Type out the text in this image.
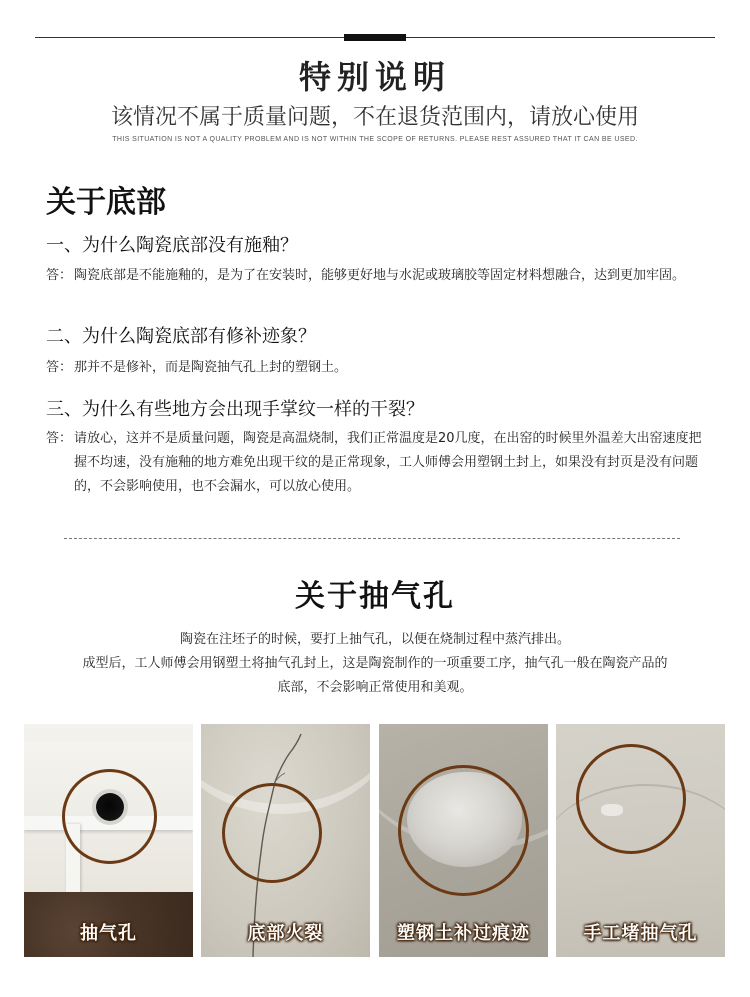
特别说明
该情况不属于质量问题，不在退货范围内，请放心使用
THIS SITUATION IS NOT A QUALITY PROBLEM AND IS NOT WITHIN THE SCOPE OF RETURNS. PLEASE REST ASSURED THAT IT CAN BE USED.
关于底部
一、为什么陶瓷底部没有施釉？
答： 陶瓷底部是不能施釉的，是为了在安装时，能够更好地与水泥或玻璃胶等固定材料想融合，达到更加牢固。
二、为什么陶瓷底部有修补迹象？
答： 那并不是修补，而是陶瓷抽气孔上封的塑钢土。
三、为什么有些地方会出现手掌纹一样的干裂？
答： 请放心，这并不是质量问题，陶瓷是高温烧制，我们正常温度是20几度，在出窑的时候里外温差大出窑速度把握不均速，没有施釉的地方难免出现干纹的是正常现象，工人师傅会用塑钢土封上，如果没有封页是没有问题的，不会影响使用，也不会漏水，可以放心使用。
关于抽气孔
陶瓷在注坯子的时候，要打上抽气孔，以便在烧制过程中蒸汽排出。
成型后，工人师傅会用钢塑土将抽气孔封上，这是陶瓷制作的一项重要工序，抽气孔一般在陶瓷产品的
底部，不会影响正常使用和美观。
抽气孔	底部火裂	塑钢土补过痕迹	手工堵抽气孔
